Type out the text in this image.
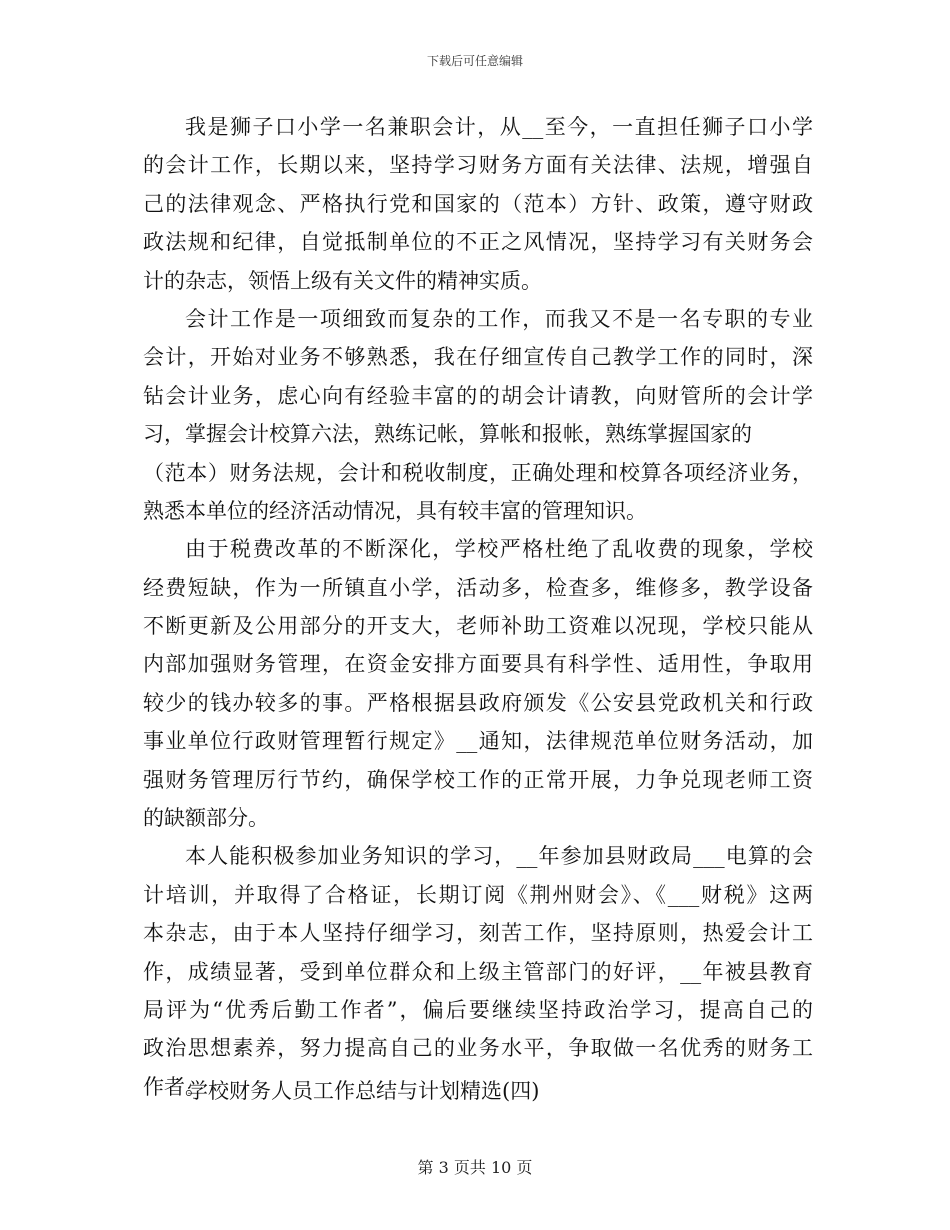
下载后可任意编辑
我是狮子口小学一名兼职会计，从__至今，一直担任狮子口小学
的会计工作，长期以来，坚持学习财务方面有关法律、法规，增强自
己的法律观念、严格执行党和国家的（范本）方针、政策，遵守财政
政法规和纪律，自觉抵制单位的不正之风情况，坚持学习有关财务会
计的杂志，领悟上级有关文件的精神实质。
会计工作是一项细致而复杂的工作，而我又不是一名专职的专业
会计，开始对业务不够熟悉，我在仔细宣传自己教学工作的同时，深
钻会计业务，虑心向有经验丰富的的胡会计请教，向财管所的会计学
习，掌握会计校算六法，熟练记帐，算帐和报帐，熟练掌握国家的
（范本）财务法规，会计和税收制度，正确处理和校算各项经济业务，
熟悉本单位的经济活动情况，具有较丰富的管理知识。
由于税费改革的不断深化，学校严格杜绝了乱收费的现象，学校
经费短缺，作为一所镇直小学，活动多，检查多，维修多，教学设备
不断更新及公用部分的开支大，老师补助工资难以况现，学校只能从
内部加强财务管理，在资金安排方面要具有科学性、适用性，争取用
较少的钱办较多的事。严格根据县政府颁发《公安县党政机关和行政
事业单位行政财管理暂行规定》__通知，法律规范单位财务活动，加
强财务管理厉行节约，确保学校工作的正常开展，力争兑现老师工资
的缺额部分。
本人能积极参加业务知识的学习，__年参加县财政局___电算的会
计培训，并取得了合格证，长期订阅《荆州财会》、《___财税》这两
本杂志，由于本人坚持仔细学习，刻苦工作，坚持原则，热爱会计工
作，成绩显著，受到单位群众和上级主管部门的好评，__年被县教育
局评为“优秀后勤工作者”，偏后要继续坚持政治学习，提高自己的
政治思想素养，努力提高自己的业务水平，争取做一名优秀的财务工
作者。
学校财务人员工作总结与计划精选(四)
第 3 页共 10 页
